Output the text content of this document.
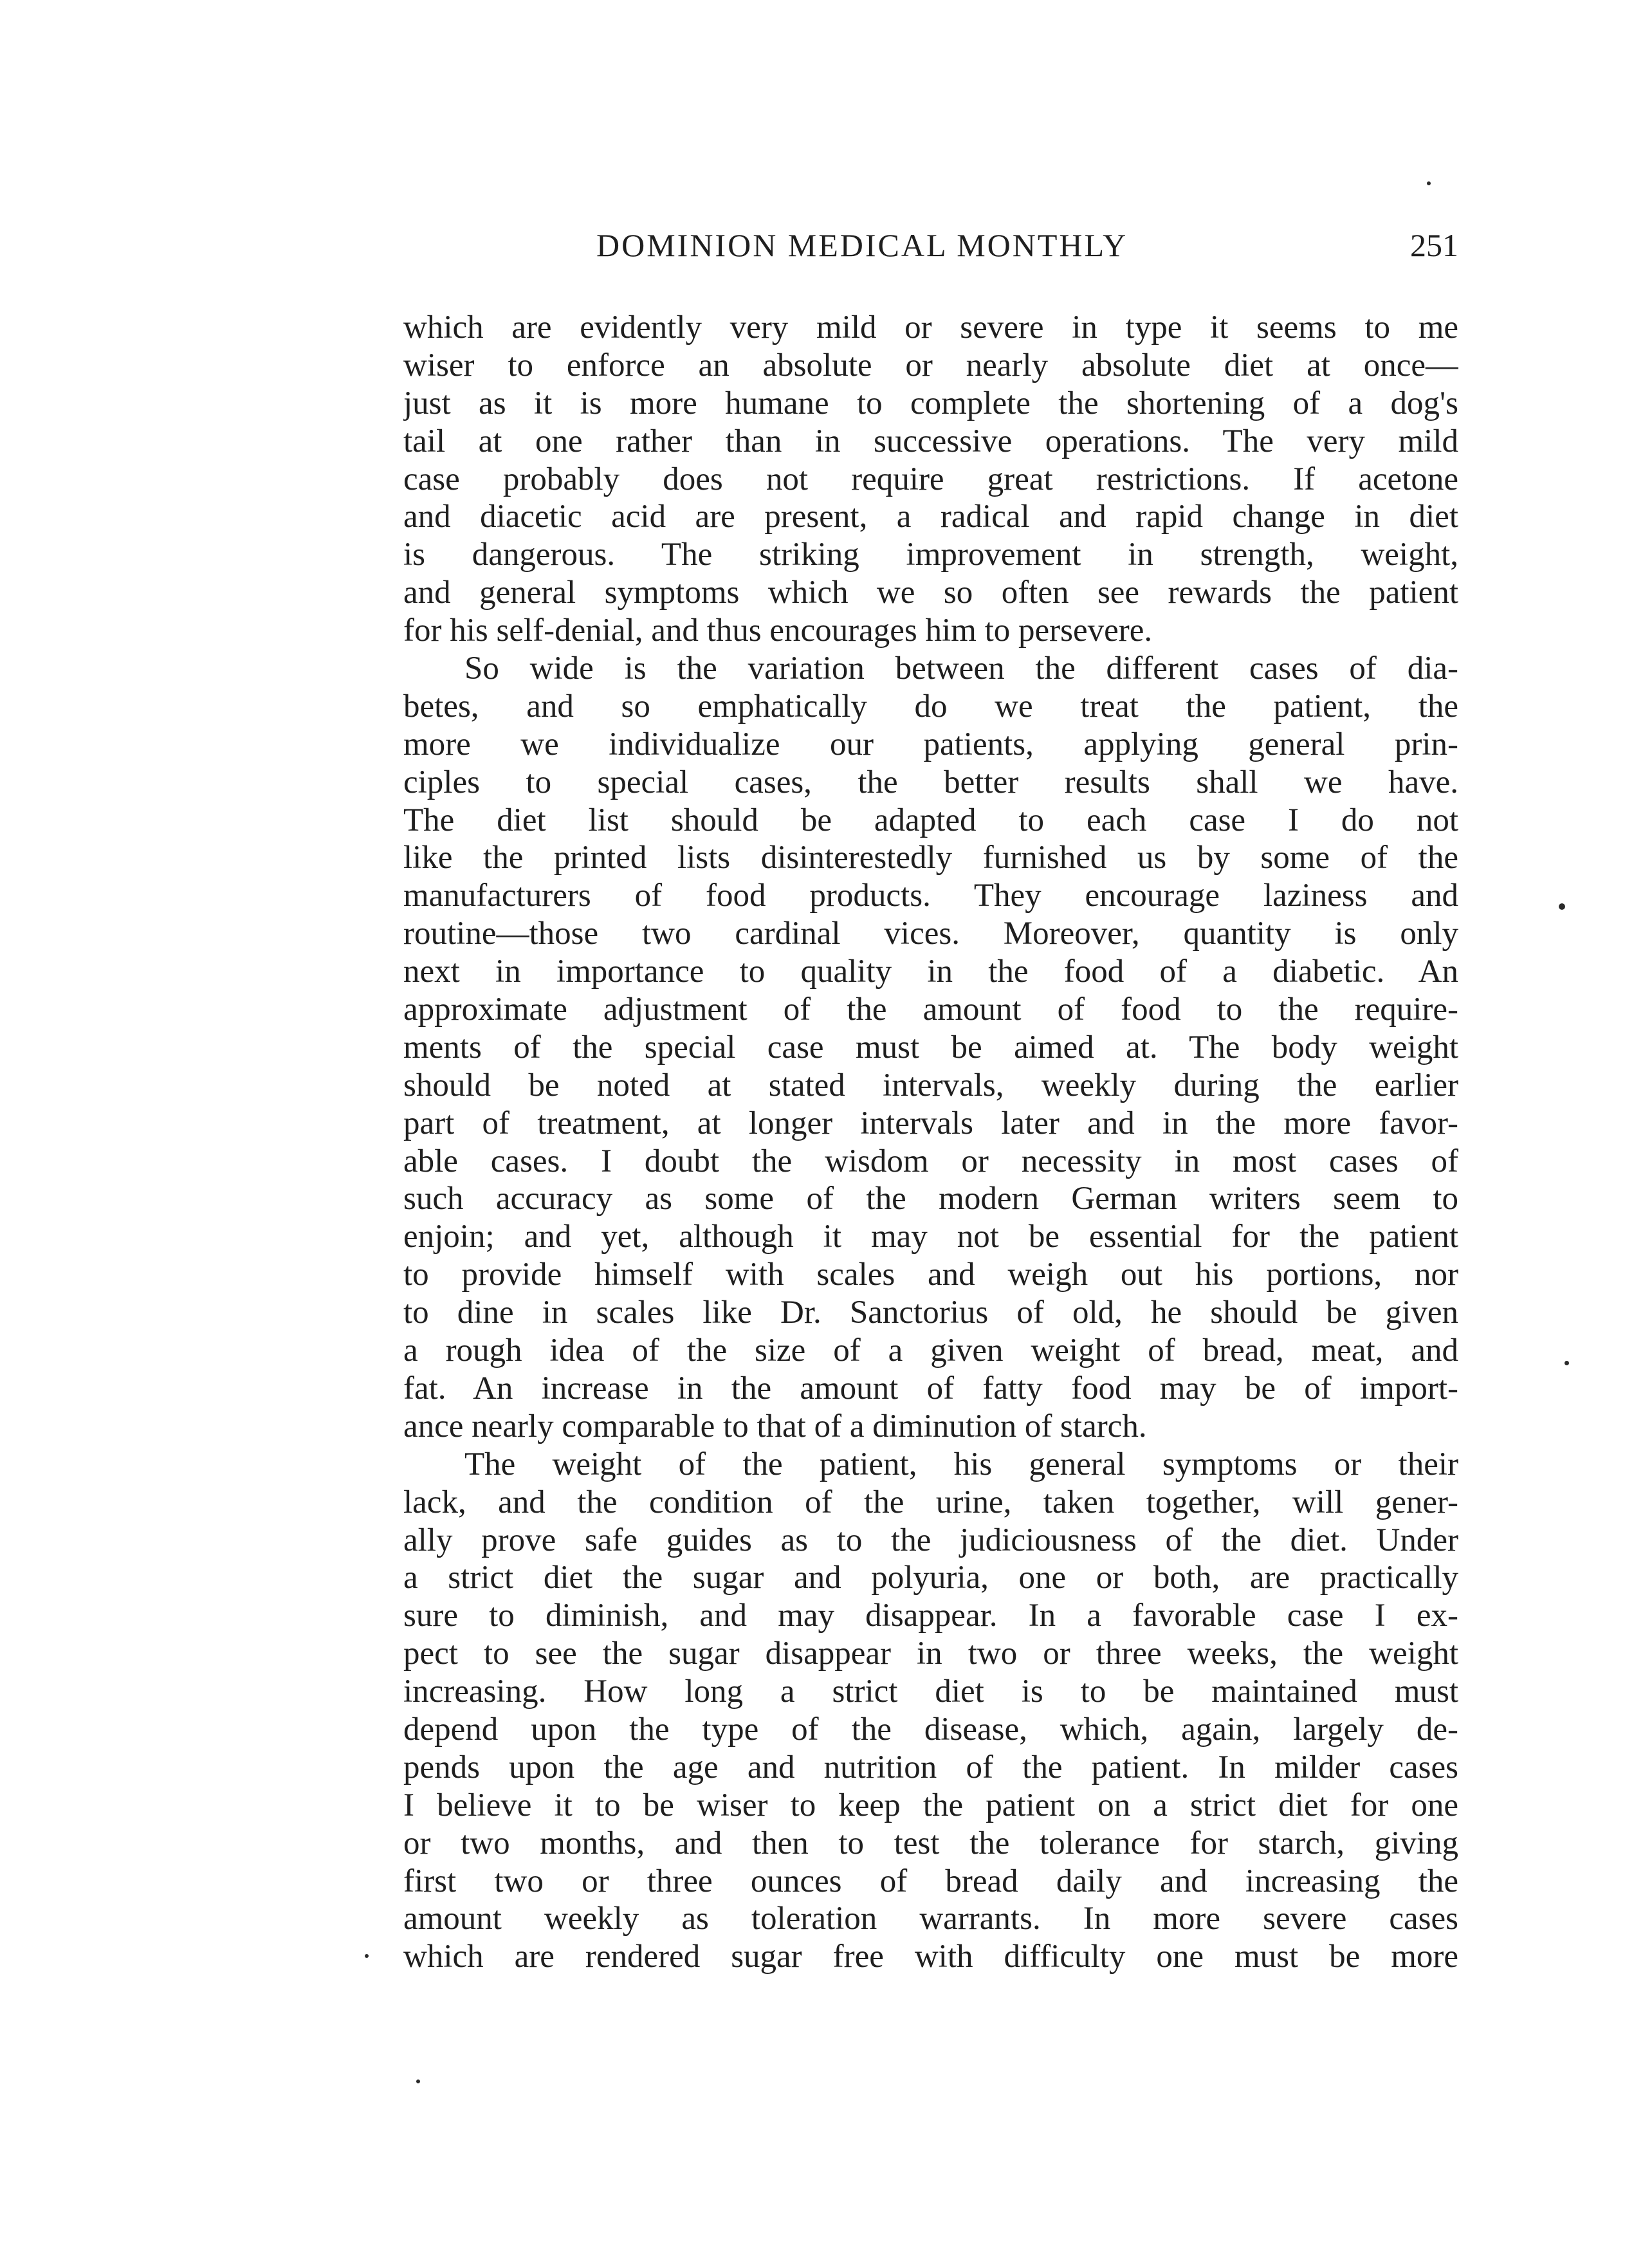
DOMINION MEDICAL MONTHLY	251
which are evidently very mild or severe in type it seems to me
wiser to enforce an absolute or nearly absolute diet at once—
just as it is more humane to complete the shortening of a dog's
tail at one rather than in successive operations. The very mild
case probably does not require great restrictions. If acetone
and diacetic acid are present, a radical and rapid change in diet
is dangerous. The striking improvement in strength, weight,
and general symptoms which we so often see rewards the patient
for his self-denial, and thus encourages him to persevere.
So wide is the variation between the different cases of dia-
betes, and so emphatically do we treat the patient, the
more we individualize our patients, applying general prin-
ciples to special cases, the better results shall we have.
The diet list should be adapted to each case I do not
like the printed lists disinterestedly furnished us by some of the
manufacturers of food products. They encourage laziness and
routine—those two cardinal vices. Moreover, quantity is only
next in importance to quality in the food of a diabetic. An
approximate adjustment of the amount of food to the require-
ments of the special case must be aimed at. The body weight
should be noted at stated intervals, weekly during the earlier
part of treatment, at longer intervals later and in the more favor-
able cases. I doubt the wisdom or necessity in most cases of
such accuracy as some of the modern German writers seem to
enjoin; and yet, although it may not be essential for the patient
to provide himself with scales and weigh out his portions, nor
to dine in scales like Dr. Sanctorius of old, he should be given
a rough idea of the size of a given weight of bread, meat, and
fat. An increase in the amount of fatty food may be of import-
ance nearly comparable to that of a diminution of starch.
The weight of the patient, his general symptoms or their
lack, and the condition of the urine, taken together, will gener-
ally prove safe guides as to the judiciousness of the diet. Under
a strict diet the sugar and polyuria, one or both, are practically
sure to diminish, and may disappear. In a favorable case I ex-
pect to see the sugar disappear in two or three weeks, the weight
increasing. How long a strict diet is to be maintained must
depend upon the type of the disease, which, again, largely de-
pends upon the age and nutrition of the patient. In milder cases
I believe it to be wiser to keep the patient on a strict diet for one
or two months, and then to test the tolerance for starch, giving
first two or three ounces of bread daily and increasing the
amount weekly as toleration warrants. In more severe cases
which are rendered sugar free with difficulty one must be more
